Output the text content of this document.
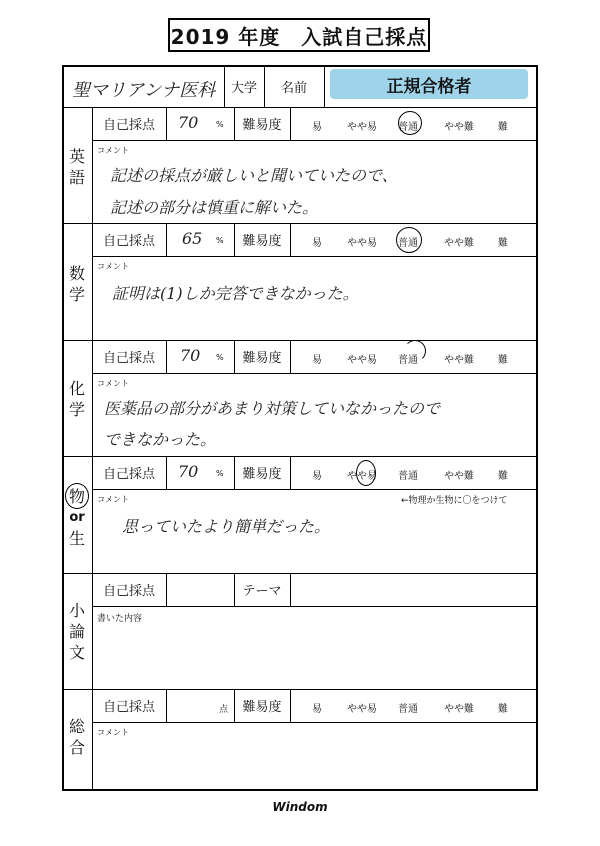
2019 年度　入試自己採点
聖マリアンナ医科	大学	名前	正規合格者
英
語
自己採点	70 %	難易度	易	やや易 普通	やや難 難
コメント
記述の採点が厳しいと聞いていたので、
記述の部分は慎重に解いた。
数
学
自己採点	65 %	難易度	易	やや易 普通	やや難 難
コメント
証明は(1)しか完答できなかった。
化
学
自己採点	70 %	難易度	易	やや易 普通	やや難 難
コメント
医薬品の部分があまり対策していなかったので
できなかった。
物
or
生
自己採点	70 %	難易度	易	やや易 普通	やや難 難
コメント	←物理か生物に〇をつけて
思っていたより簡単だった。
小
論
文
自己採点	テーマ
書いた内容
総
合
自己採点	点	難易度	易	やや易 普通	やや難 難
コメント
Windom
